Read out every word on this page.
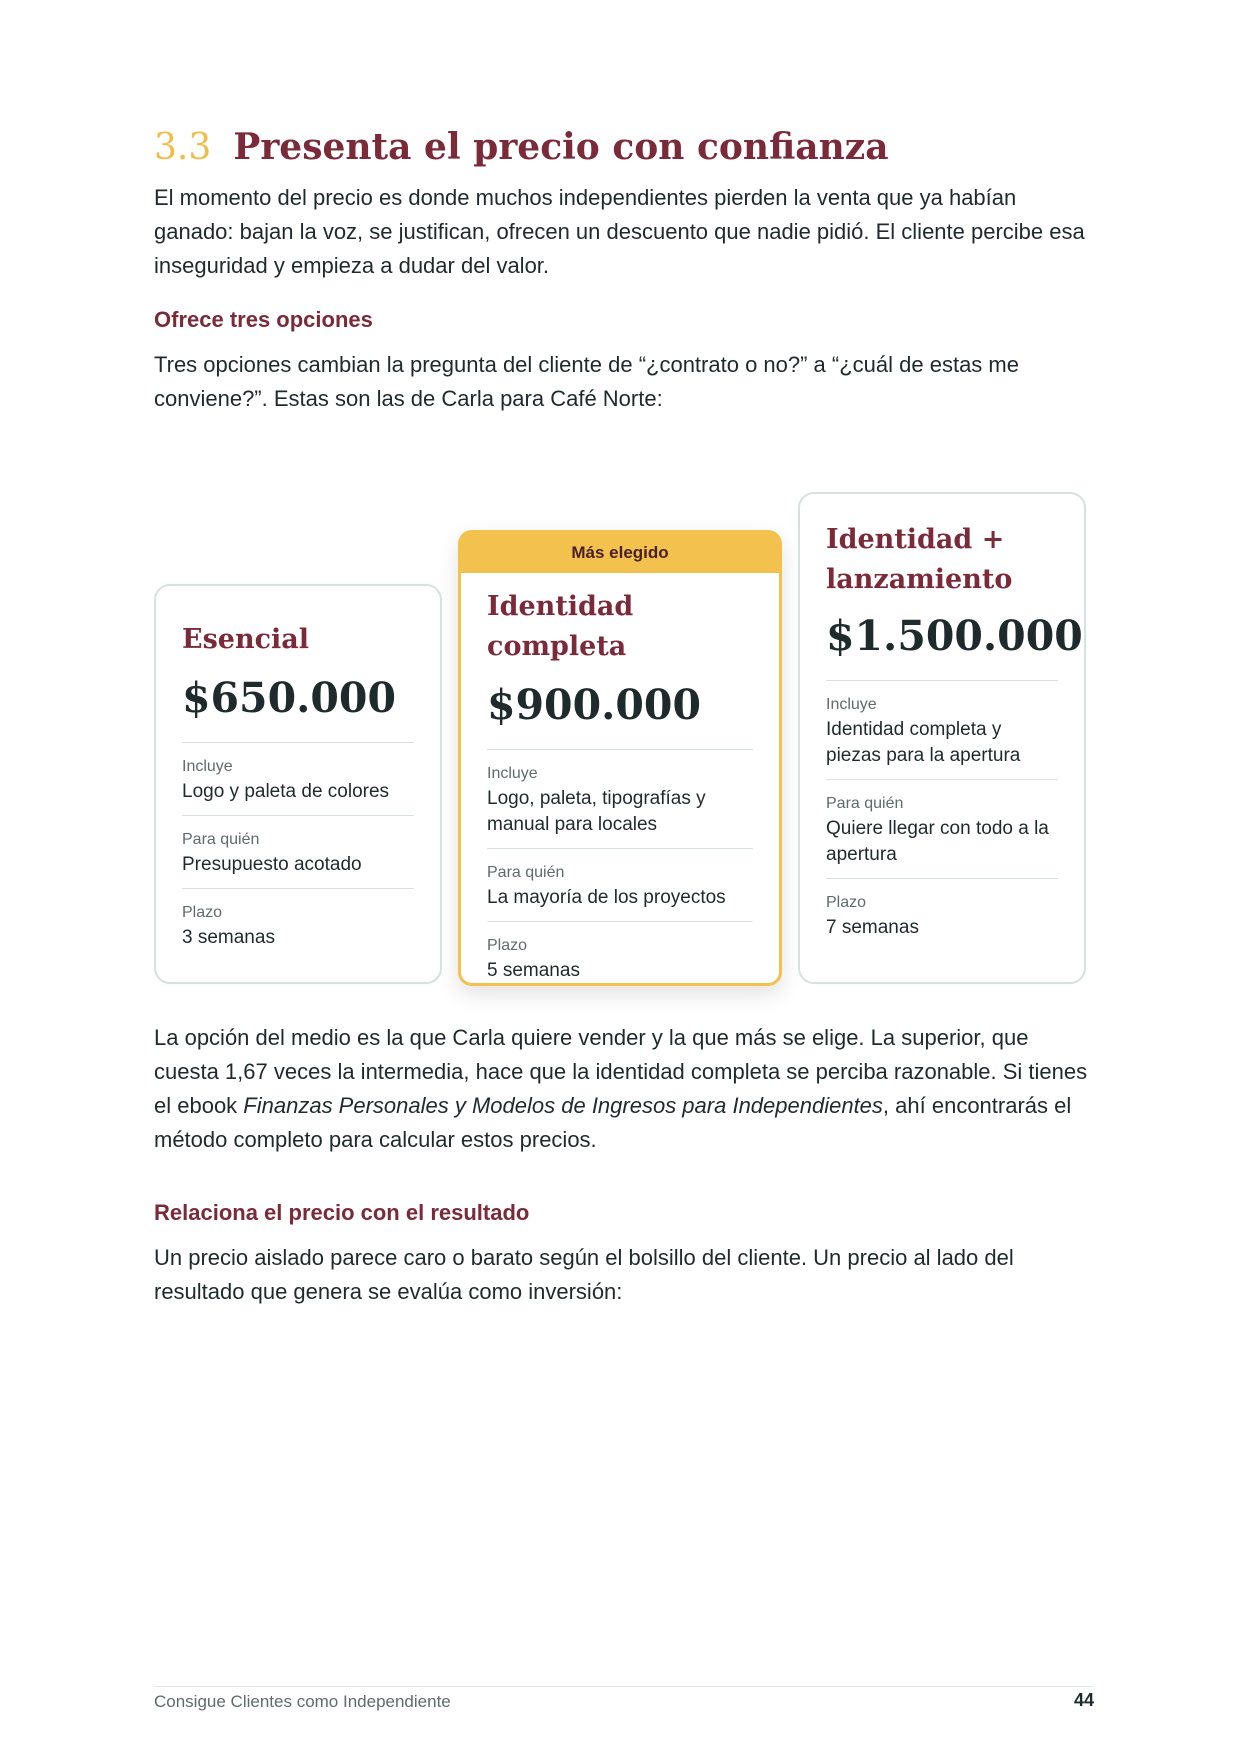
3.3 Presenta el precio con confianza

El momento del precio es donde muchos independientes pierden la venta que ya habían ganado: bajan la voz, se justifican, ofrecen un descuento que nadie pidió. El cliente percibe esa inseguridad y empieza a dudar del valor.

Ofrece tres opciones

Tres opciones cambian la pregunta del cliente de “¿contrato o no?” a “¿cuál de estas me conviene?”. Estas son las de Carla para Café Norte:

Esencial
$650.000
Incluye
Logo y paleta de colores
Para quién
Presupuesto acotado
Plazo
3 semanas
Más elegido
Identidad completa
$900.000
Incluye
Logo, paleta, tipografías y manual para locales
Para quién
La mayoría de los proyectos
Plazo
5 semanas
Identidad + lanzamiento
$1.500.000
Incluye
Identidad completa y piezas para la apertura
Para quién
Quiere llegar con todo a la apertura
Plazo
7 semanas

La opción del medio es la que Carla quiere vender y la que más se elige. La superior, que cuesta 1,67 veces la intermedia, hace que la identidad completa se perciba razonable. Si tienes el ebook Finanzas Personales y Modelos de Ingresos para Independientes, ahí encontrarás el método completo para calcular estos precios.

Relaciona el precio con el resultado

Un precio aislado parece caro o barato según el bolsillo del cliente. Un precio al lado del resultado que genera se evalúa como inversión:

Consigue Clientes como Independiente	44
